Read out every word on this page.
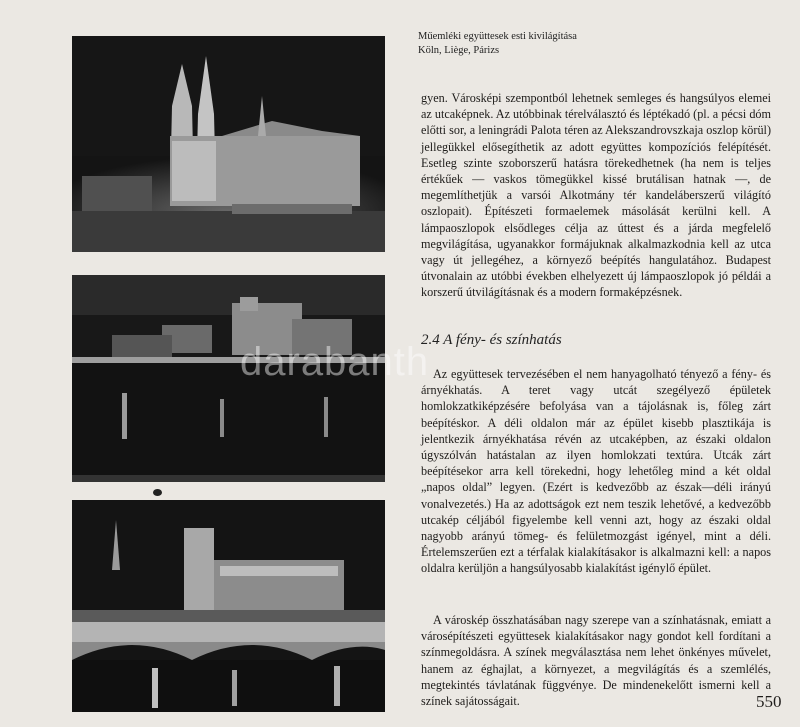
darabanth
Műemléki együttesek esti kivilágítása
Köln, Liège, Párizs

gyen. Városképi szempontból lehetnek semleges és hangsúlyos elemei az utcaképnek. Az utóbbinak térelválasztó és léptékadó (pl. a pécsi dóm előtti sor, a leningrádi Palota téren az Alekszandrovszkaja oszlop körül) jellegükkel elősegíthetik az adott együttes kompozíciós felépítését. Esetleg szinte szoborszerű hatásra törekedhetnek (ha nem is teljes értékűek — vaskos tömegükkel kissé brutálisan hatnak —, de megemlíthetjük a varsói Alkotmány tér kandeláberszerű világító oszlopait). Építészeti formaelemek másolását kerülni kell. A lámpaoszlopok elsődleges célja az úttest és a járda megfelelő megvilágítása, ugyanakkor formájuknak alkalmazkodnia kell az utca vagy út jellegéhez, a környező beépítés hangulatához. Budapest útvonalain az utóbbi években elhelyezett új lámpaoszlopok jó példái a korszerű útvilágításnak és a modern formaképzésnek.

2.4 A fény- és színhatás

Az együttesek tervezésében el nem hanyagolható tényező a fény- és árnyékhatás. A teret vagy utcát szegélyező épületek homlokzatkiképzésére befolyása van a tájolásnak is, főleg zárt beépítéskor. A déli oldalon már az épület kisebb plasztikája is jelentkezik árnyékhatása révén az utcaképben, az északi oldalon úgyszólván hatástalan az ilyen homlokzati textúra. Utcák zárt beépítésekor arra kell törekedni, hogy lehetőleg mind a két oldal „napos oldal” legyen. (Ezért is kedvezőbb az észak—déli irányú vonalvezetés.) Ha az adottságok ezt nem teszik lehetővé, a kedvezőbb utcakép céljából figyelembe kell venni azt, hogy az északi oldal nagyobb arányú tömeg- és felületmozgást igényel, mint a déli. Értelemszerűen ezt a térfalak kialakításakor is alkalmazni kell: a napos oldalra kerüljön a hangsúlyosabb kialakítást igénylő épület.

A városkép összhatásában nagy szerepe van a színhatásnak, emiatt a városépítészeti együttesek kialakításakor nagy gondot kell fordítani a színmegoldásra. A színek megválasztása nem lehet önkényes művelet, hanem az éghajlat, a környezet, a megvilágítás és a szemlélés, megtekintés távlatának függvénye. De mindenekelőtt ismerni kell a színek sajátosságait.	550
